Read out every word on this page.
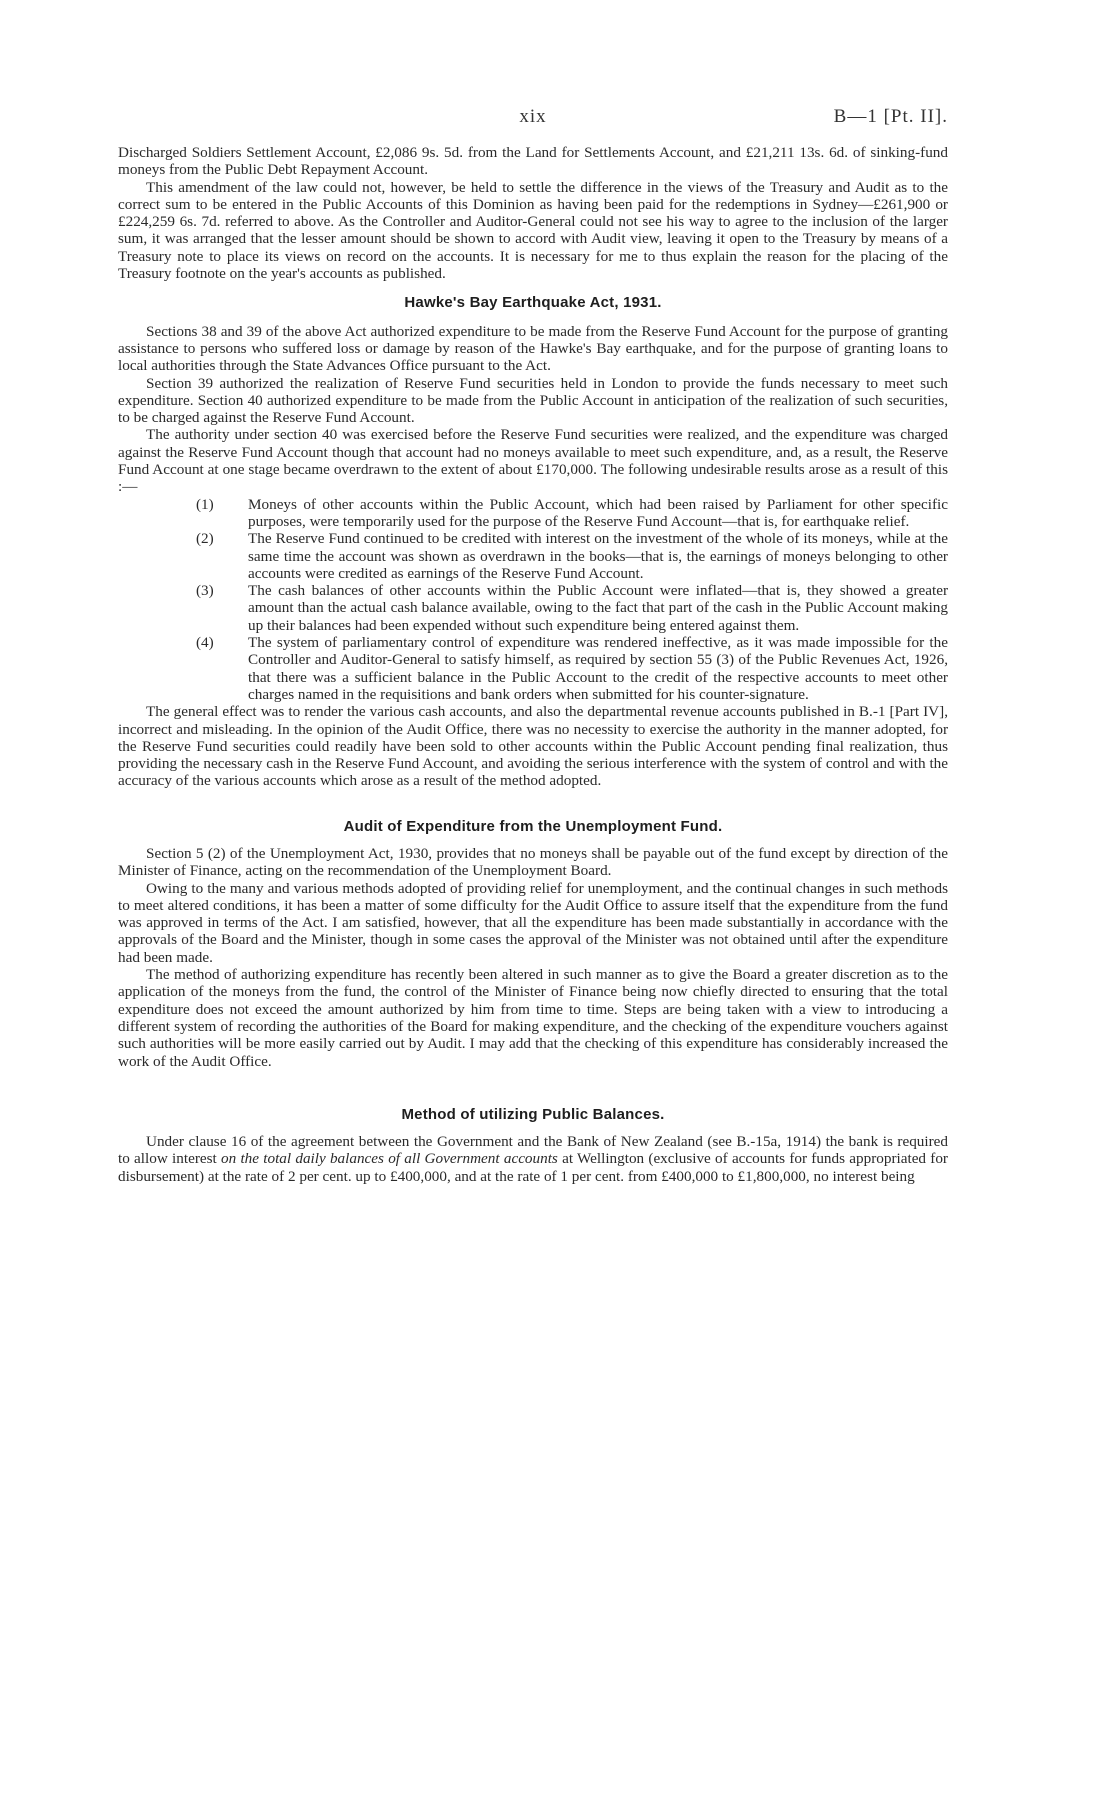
xix	B—1 [Pt. II].

Discharged Soldiers Settlement Account, £2,086 9s. 5d. from the Land for Settlements Account, and £21,211 13s. 6d. of sinking-fund moneys from the Public Debt Repayment Account.

This amendment of the law could not, however, be held to settle the difference in the views of the Treasury and Audit as to the correct sum to be entered in the Public Accounts of this Dominion as having been paid for the redemptions in Sydney—£261,900 or £224,259 6s. 7d. referred to above. As the Controller and Auditor-General could not see his way to agree to the inclusion of the larger sum, it was arranged that the lesser amount should be shown to accord with Audit view, leaving it open to the Treasury by means of a Treasury note to place its views on record on the accounts. It is necessary for me to thus explain the reason for the placing of the Treasury footnote on the year's accounts as published.

Hawke's Bay Earthquake Act, 1931.

Sections 38 and 39 of the above Act authorized expenditure to be made from the Reserve Fund Account for the purpose of granting assistance to persons who suffered loss or damage by reason of the Hawke's Bay earthquake, and for the purpose of granting loans to local authorities through the State Advances Office pursuant to the Act.

Section 39 authorized the realization of Reserve Fund securities held in London to provide the funds necessary to meet such expenditure. Section 40 authorized expenditure to be made from the Public Account in anticipation of the realization of such securities, to be charged against the Reserve Fund Account.

The authority under section 40 was exercised before the Reserve Fund securities were realized, and the expenditure was charged against the Reserve Fund Account though that account had no moneys available to meet such expenditure, and, as a result, the Reserve Fund Account at one stage became overdrawn to the extent of about £170,000. The following undesirable results arose as a result of this :—

(1) Moneys of other accounts within the Public Account, which had been raised by Parliament for other specific purposes, were temporarily used for the purpose of the Reserve Fund Account—that is, for earthquake relief.
(2) The Reserve Fund continued to be credited with interest on the investment of the whole of its moneys, while at the same time the account was shown as overdrawn in the books—that is, the earnings of moneys belonging to other accounts were credited as earnings of the Reserve Fund Account.
(3) The cash balances of other accounts within the Public Account were inflated—that is, they showed a greater amount than the actual cash balance available, owing to the fact that part of the cash in the Public Account making up their balances had been expended without such expenditure being entered against them.
(4) The system of parliamentary control of expenditure was rendered ineffective, as it was made impossible for the Controller and Auditor-General to satisfy himself, as required by section 55 (3) of the Public Revenues Act, 1926, that there was a sufficient balance in the Public Account to the credit of the respective accounts to meet other charges named in the requisitions and bank orders when submitted for his counter-signature.

The general effect was to render the various cash accounts, and also the departmental revenue accounts published in B.-1 [Part IV], incorrect and misleading. In the opinion of the Audit Office, there was no necessity to exercise the authority in the manner adopted, for the Reserve Fund securities could readily have been sold to other accounts within the Public Account pending final realization, thus providing the necessary cash in the Reserve Fund Account, and avoiding the serious interference with the system of control and with the accuracy of the various accounts which arose as a result of the method adopted.

Audit of Expenditure from the Unemployment Fund.

Section 5 (2) of the Unemployment Act, 1930, provides that no moneys shall be payable out of the fund except by direction of the Minister of Finance, acting on the recommendation of the Unemployment Board.

Owing to the many and various methods adopted of providing relief for unemployment, and the continual changes in such methods to meet altered conditions, it has been a matter of some difficulty for the Audit Office to assure itself that the expenditure from the fund was approved in terms of the Act. I am satisfied, however, that all the expenditure has been made substantially in accordance with the approvals of the Board and the Minister, though in some cases the approval of the Minister was not obtained until after the expenditure had been made.

The method of authorizing expenditure has recently been altered in such manner as to give the Board a greater discretion as to the application of the moneys from the fund, the control of the Minister of Finance being now chiefly directed to ensuring that the total expenditure does not exceed the amount authorized by him from time to time. Steps are being taken with a view to introducing a different system of recording the authorities of the Board for making expenditure, and the checking of the expenditure vouchers against such authorities will be more easily carried out by Audit. I may add that the checking of this expenditure has considerably increased the work of the Audit Office.

Method of utilizing Public Balances.

Under clause 16 of the agreement between the Government and the Bank of New Zealand (see B.-15a, 1914) the bank is required to allow interest on the total daily balances of all Government accounts at Wellington (exclusive of accounts for funds appropriated for disbursement) at the rate of 2 per cent. up to £400,000, and at the rate of 1 per cent. from £400,000 to £1,800,000, no interest being
